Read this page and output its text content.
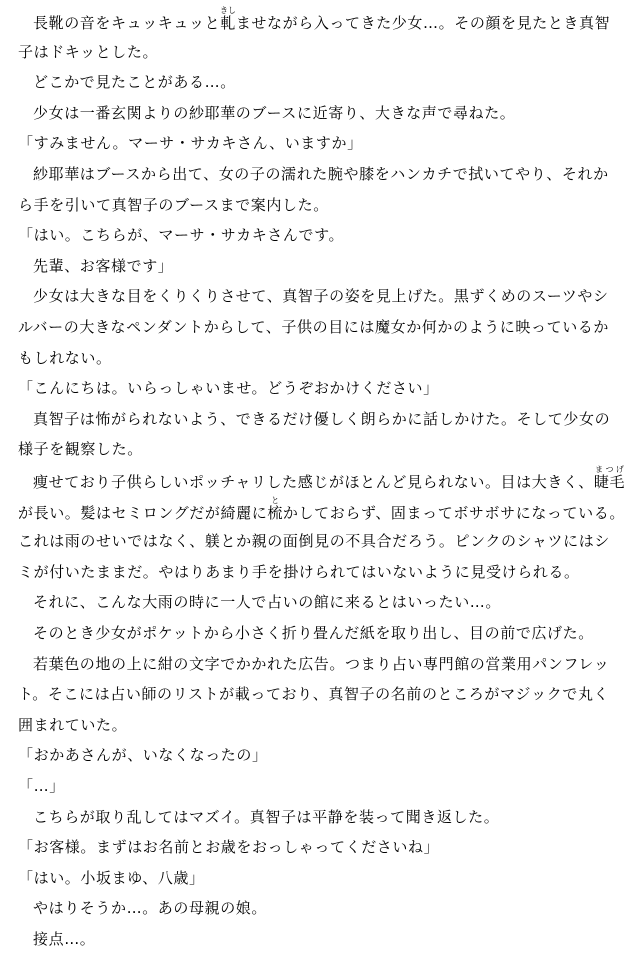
長靴の音をキュッキュッと軋きしませながら入ってきた少女…。その顔を見たとき真智
子はドキッとした。
どこかで見たことがある…。
少女は一番玄関よりの紗耶華のブースに近寄り、大きな声で尋ねた。
「すみません。マーサ・サカキさん、いますか」
紗耶華はブースから出て、女の子の濡れた腕や膝をハンカチで拭いてやり、それか
ら手を引いて真智子のブースまで案内した。
「はい。こちらが、マーサ・サカキさんです。
先輩、お客様です」
少女は大きな目をくりくりさせて、真智子の姿を見上げた。黒ずくめのスーツやシ
ルバーの大きなペンダントからして、子供の目には魔女か何かのように映っているか
もしれない。
「こんにちは。いらっしゃいませ。どうぞおかけください」
真智子は怖がられないよう、できるだけ優しく朗らかに話しかけた。そして少女の
様子を観察した。
痩せており子供らしいポッチャリした感じがほとんど見られない。目は大きく、睫毛まつげ
が長い。髪はセミロングだが綺麗に梳とかしておらず、固まってボサボサになっている。
これは雨のせいではなく、躾とか親の面倒見の不具合だろう。ピンクのシャツにはシ
ミが付いたままだ。やはりあまり手を掛けられてはいないように見受けられる。
それに、こんな大雨の時に一人で占いの館に来るとはいったい…。
そのとき少女がポケットから小さく折り畳んだ紙を取り出し、目の前で広げた。
若葉色の地の上に紺の文字でかかれた広告。つまり占い専門館の営業用パンフレッ
ト。そこには占い師のリストが載っており、真智子の名前のところがマジックで丸く
囲まれていた。
「おかあさんが、いなくなったの」
「…」
こちらが取り乱してはマズイ。真智子は平静を装って聞き返した。
「お客様。まずはお名前とお歳をおっしゃってくださいね」
「はい。小坂まゆ、八歳」
やはりそうか…。あの母親の娘。
接点…。
